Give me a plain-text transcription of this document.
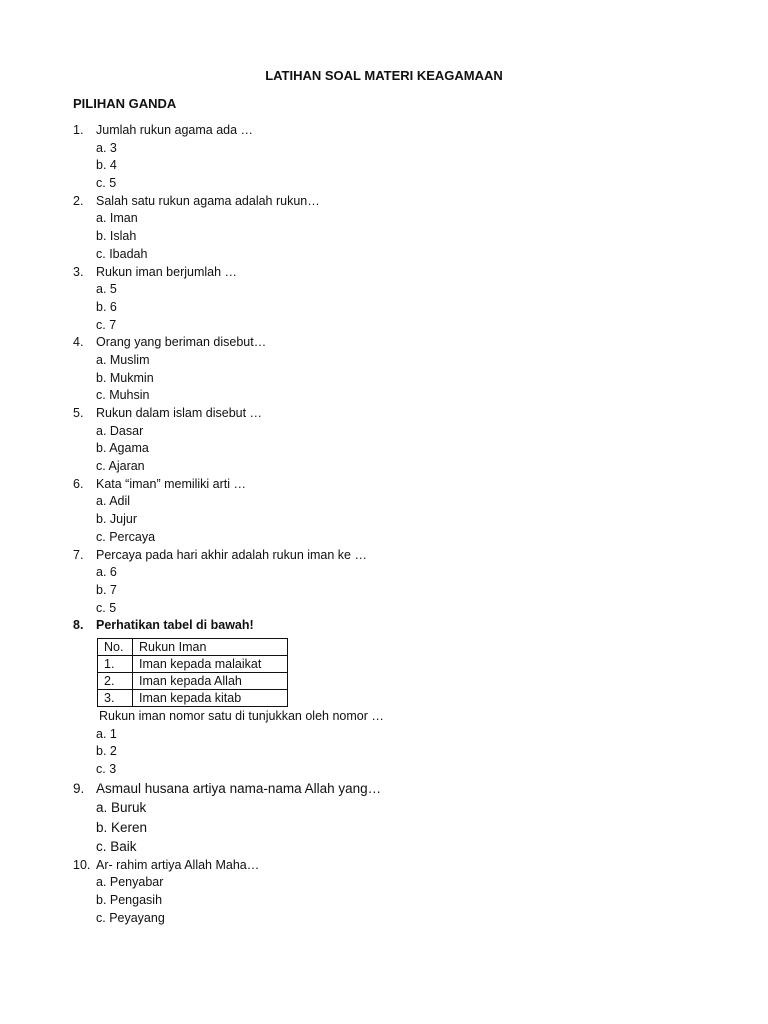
LATIHAN SOAL MATERI KEAGAMAAN
PILIHAN GANDA
1. Jumlah rukun agama ada …
a. 3
b. 4
c. 5
2. Salah satu rukun agama adalah rukun…
a. Iman
b. Islah
c. Ibadah
3. Rukun iman berjumlah …
a. 5
b. 6
c. 7
4. Orang yang beriman disebut…
a. Muslim
b. Mukmin
c. Muhsin
5. Rukun dalam islam disebut …
a. Dasar
b. Agama
c. Ajaran
6. Kata “iman” memiliki arti …
a. Adil
b. Jujur
c. Percaya
7. Percaya pada hari akhir adalah rukun iman ke …
a. 6
b. 7
c. 5
8. Perhatikan tabel di bawah!
No.	Rukun Iman
1.	Iman kepada malaikat
2.	Iman kepada Allah
3.	Iman kepada kitab
Rukun iman nomor satu di tunjukkan oleh nomor …
a. 1
b. 2
c. 3
9. Asmaul husana artiya nama-nama Allah yang…
a. Buruk
b. Keren
c. Baik
10. Ar- rahim artiya Allah Maha…
a. Penyabar
b. Pengasih
c. Peyayang
